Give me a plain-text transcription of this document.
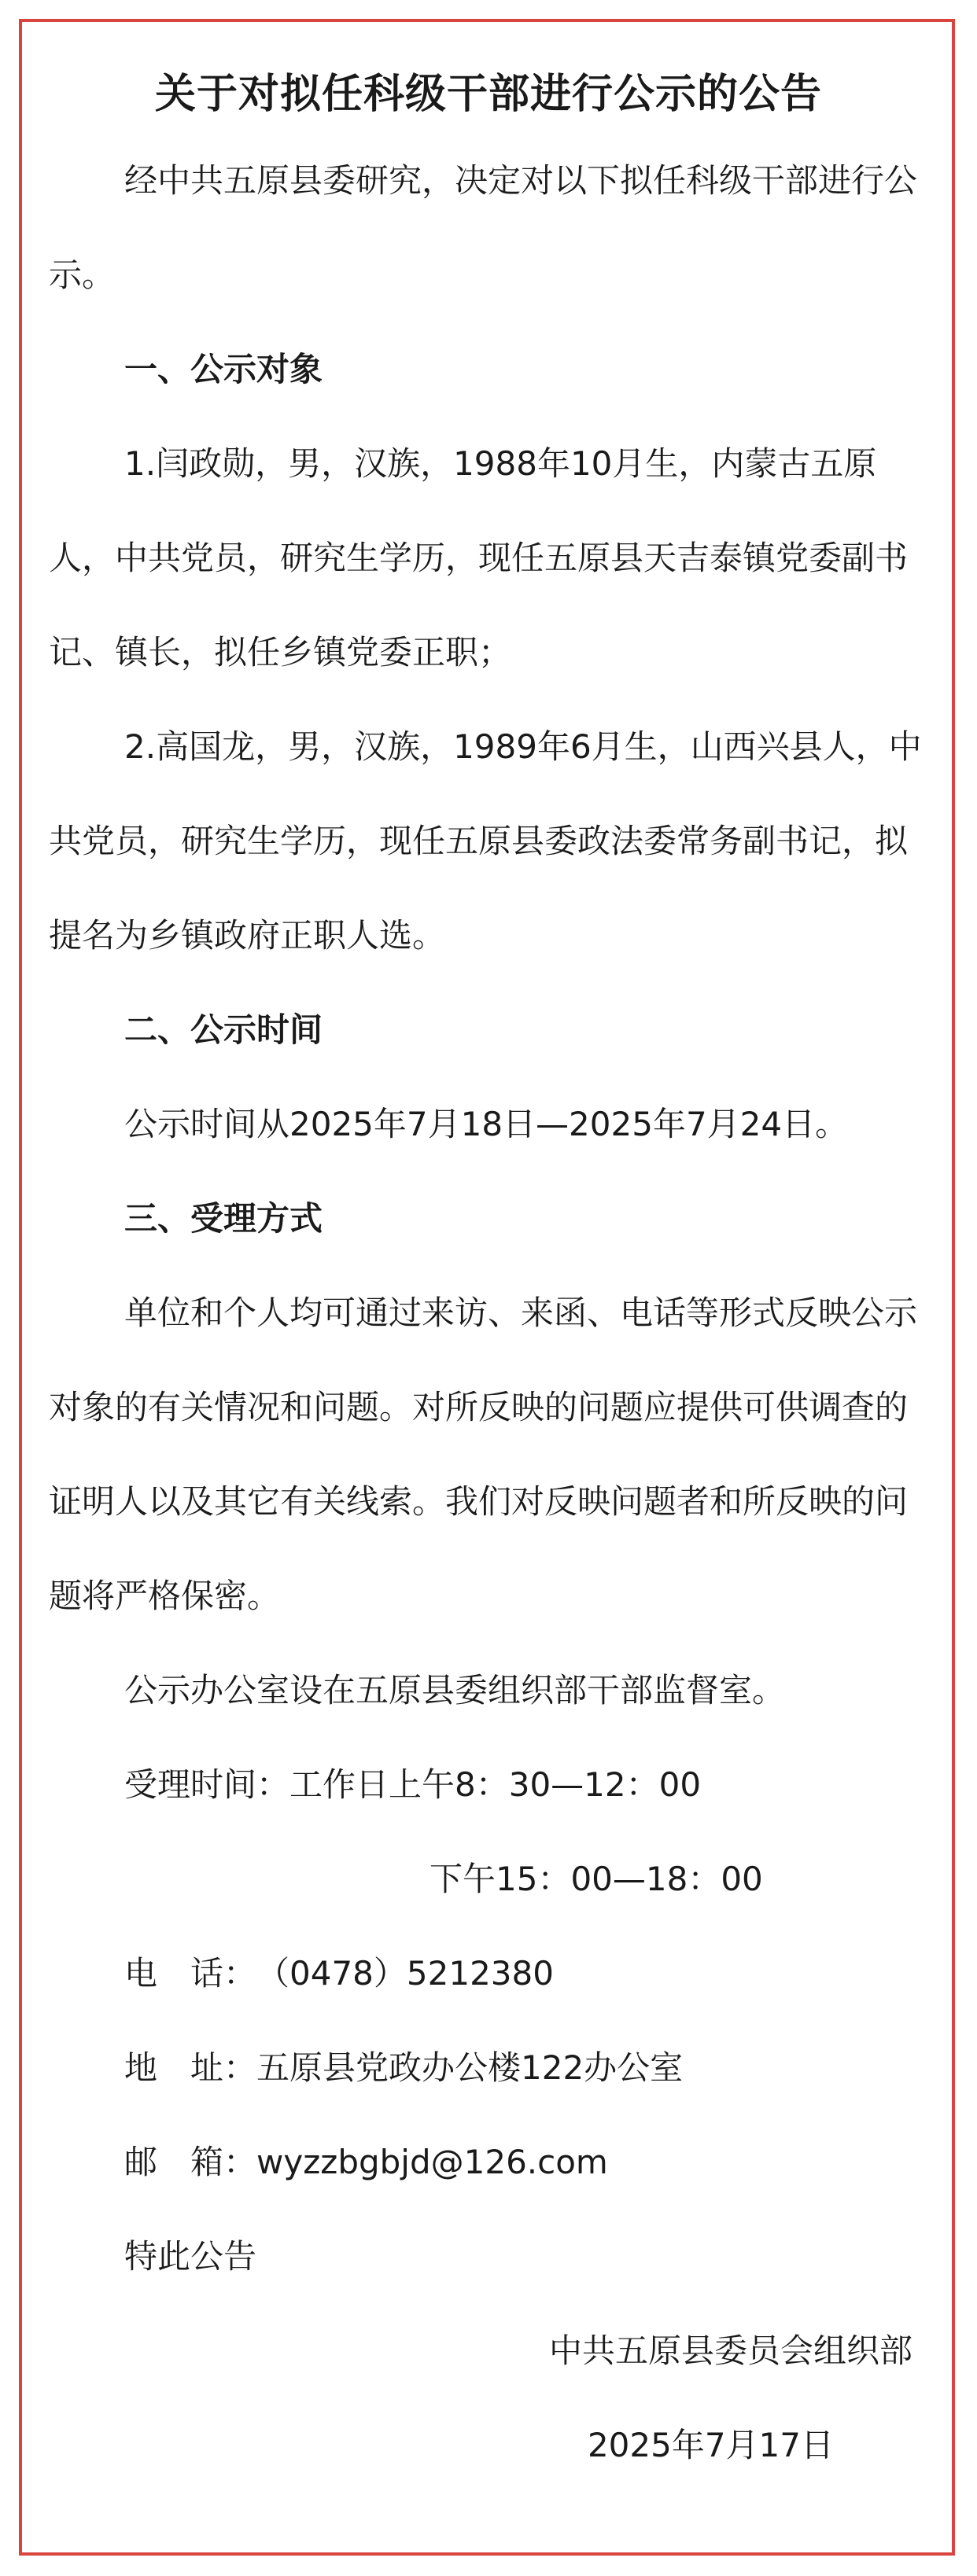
关于对拟任科级干部进行公示的公告

经中共五原县委研究，决定对以下拟任科级干部进行公示。

一、公示对象

1.闫政勋，男，汉族，1988年10月生，内蒙古五原人，中共党员，研究生学历，现任五原县天吉泰镇党委副书记、镇长，拟任乡镇党委正职；

2.高国龙，男，汉族，1989年6月生，山西兴县人，中共党员，研究生学历，现任五原县委政法委常务副书记，拟提名为乡镇政府正职人选。

二、公示时间

公示时间从2025年7月18日—2025年7月24日。

三、受理方式

单位和个人均可通过来访、来函、电话等形式反映公示对象的有关情况和问题。对所反映的问题应提供可供调查的证明人以及其它有关线索。我们对反映问题者和所反映的问题将严格保密。

公示办公室设在五原县委组织部干部监督室。

受理时间：工作日上午8：30—12：00

下午15：00—18：00

电　话：（0478）5212380

地　址：五原县党政办公楼122办公室

邮　箱：wyzzbgbjd@126.com

特此公告

中共五原县委员会组织部

2025年7月17日
